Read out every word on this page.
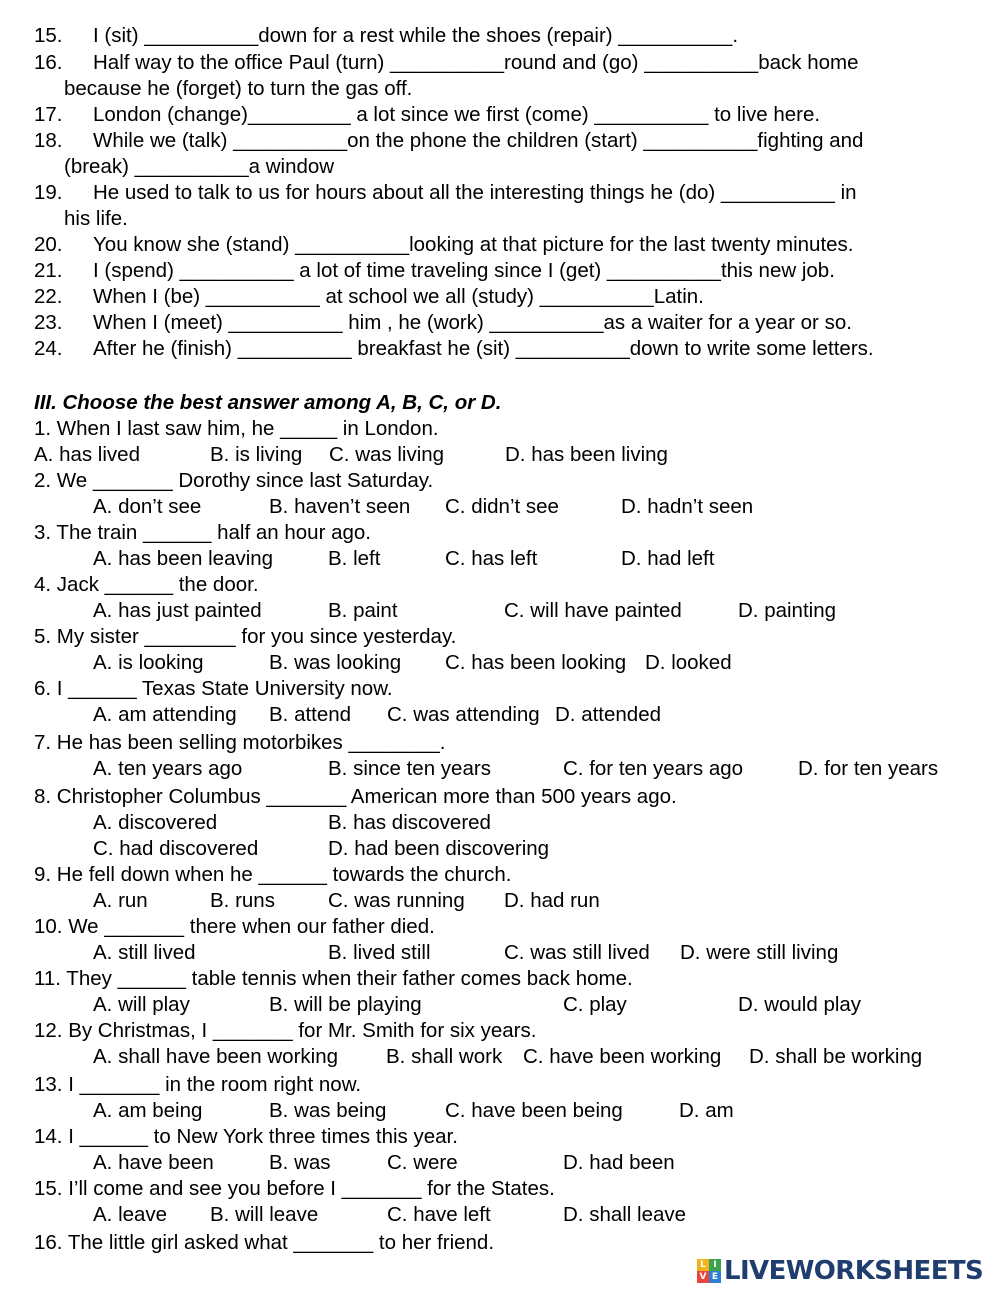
15. I (sit) __________down for a rest while the shoes (repair) __________.
16. Half way to the office Paul (turn) __________round and (go) __________back home
because he (forget) to turn the gas off.
17. London (change)_________ a lot since we first (come) __________ to live here.
18. While we (talk) __________on the phone the children (start) __________fighting and
(break) __________a window
19. He used to talk to us for hours about all the interesting things he (do) __________ in
his life.
20. You know she (stand) __________looking at that picture for the last twenty minutes.
21. I (spend) __________ a lot of time traveling since I (get) __________this new job.
22. When I (be) __________ at school we all (study) __________Latin.
23. When I (meet) __________ him , he (work) __________as a waiter for a year or so.
24. After he (finish) __________ breakfast he (sit) __________down to write some letters.
III. Choose the best answer among A, B, C, or D.
1. When I last saw him, he _____ in London.
A. has lived	B. is living C. was living	D. has been living
2. We _______ Dorothy since last Saturday.
A. don’t see	B. haven’t seen C. didn’t see	D. hadn’t seen
3. The train ______ half an hour ago.
A. has been leaving	B. left	C. has left	D. had left
4. Jack ______ the door.
A. has just painted	B. paint	C. will have painted	D. painting
5. My sister ________ for you since yesterday.
A. is looking	B. was looking C. has been looking D. looked
6. I ______ Texas State University now.
A. am attending B. attend C. was attending D. attended
7. He has been selling motorbikes ________.
A. ten years ago	B. since ten years	C. for ten years ago	D. for ten years
8. Christopher Columbus _______ American more than 500 years ago.
A. discovered	B. has discovered
C. had discovered	D. had been discovering
9. He fell down when he ______ towards the church.
A. run	B. runs	C. was running D. had run
10. We _______ there when our father died.
A. still lived	B. lived still	C. was still lived D. were still living
11. They ______ table tennis when their father comes back home.
A. will play	B. will be playing	C. play	D. would play
12. By Christmas, I _______ for Mr. Smith for six years.
A. shall have been working B. shall work C. have been working D. shall be working
13. I _______ in the room right now.
A. am being	B. was being	C. have been being	D. am
14. I ______ to New York three times this year.
A. have been	B. was	C. were	D. had been
15. I’ll come and see you before I _______ for the States.
A. leave B. will leave	C. have left	D. shall leave
16. The little girl asked what _______ to her friend.
L I
V E LIVEWORKSHEETS
